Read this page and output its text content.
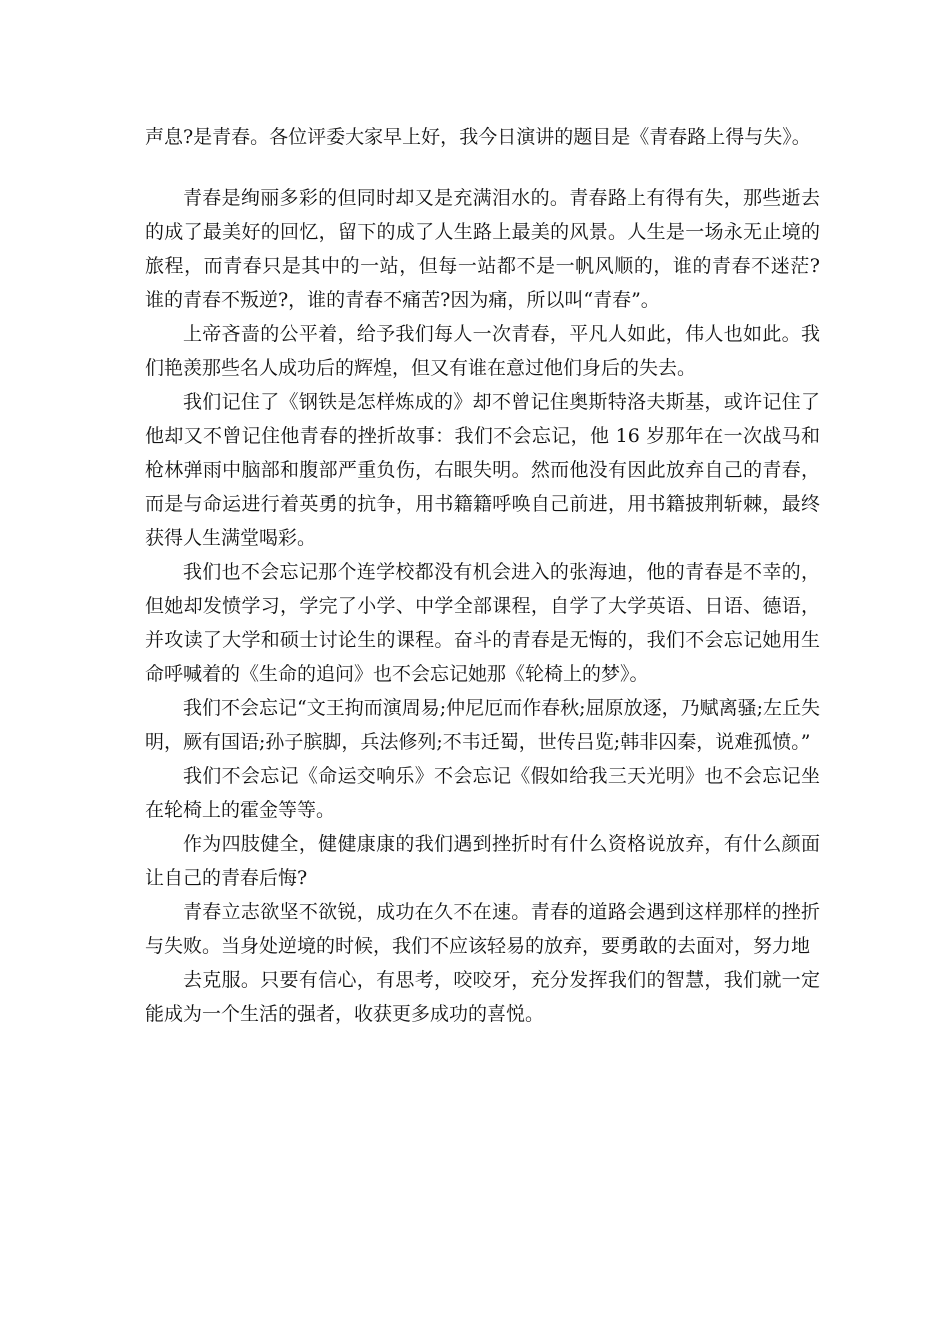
声息?是青春。各位评委大家早上好，我今日演讲的题目是《青春路上得与失》。

青春是绚丽多彩的但同时却又是充满泪水的。青春路上有得有失，那些逝去的成了最美好的回忆，留下的成了人生路上最美的风景。人生是一场永无止境的旅程，而青春只是其中的一站，但每一站都不是一帆风顺的，谁的青春不迷茫?谁的青春不叛逆?，谁的青春不痛苦?因为痛，所以叫“青春”。

上帝吝啬的公平着，给予我们每人一次青春，平凡人如此，伟人也如此。我们艳羡那些名人成功后的辉煌，但又有谁在意过他们身后的失去。

我们记住了《钢铁是怎样炼成的》却不曾记住奥斯特洛夫斯基，或许记住了他却又不曾记住他青春的挫折故事：我们不会忘记，他 16 岁那年在一次战马和枪林弹雨中脑部和腹部严重负伤，右眼失明。然而他没有因此放弃自己的青春，而是与命运进行着英勇的抗争，用书籍籍呼唤自己前进，用书籍披荆斩棘，最终获得人生满堂喝彩。

我们也不会忘记那个连学校都没有机会进入的张海迪，他的青春是不幸的，但她却发愤学习，学完了小学、中学全部课程，自学了大学英语、日语、德语，并攻读了大学和硕士讨论生的课程。奋斗的青春是无悔的，我们不会忘记她用生命呼喊着的《生命的追问》也不会忘记她那《轮椅上的梦》。

我们不会忘记“文王拘而演周易;仲尼厄而作春秋;屈原放逐，乃赋离骚;左丘失明，厥有国语;孙子膑脚，兵法修列;不韦迁蜀，世传吕览;韩非囚秦，说难孤愤。”

我们不会忘记《命运交响乐》不会忘记《假如给我三天光明》也不会忘记坐在轮椅上的霍金等等。

作为四肢健全，健健康康的我们遇到挫折时有什么资格说放弃，有什么颜面让自己的青春后悔?

青春立志欲坚不欲锐，成功在久不在速。青春的道路会遇到这样那样的挫折与失败。当身处逆境的时候，我们不应该轻易的放弃，要勇敢的去面对，努力地

去克服。只要有信心，有思考，咬咬牙，充分发挥我们的智慧，我们就一定能成为一个生活的强者，收获更多成功的喜悦。
